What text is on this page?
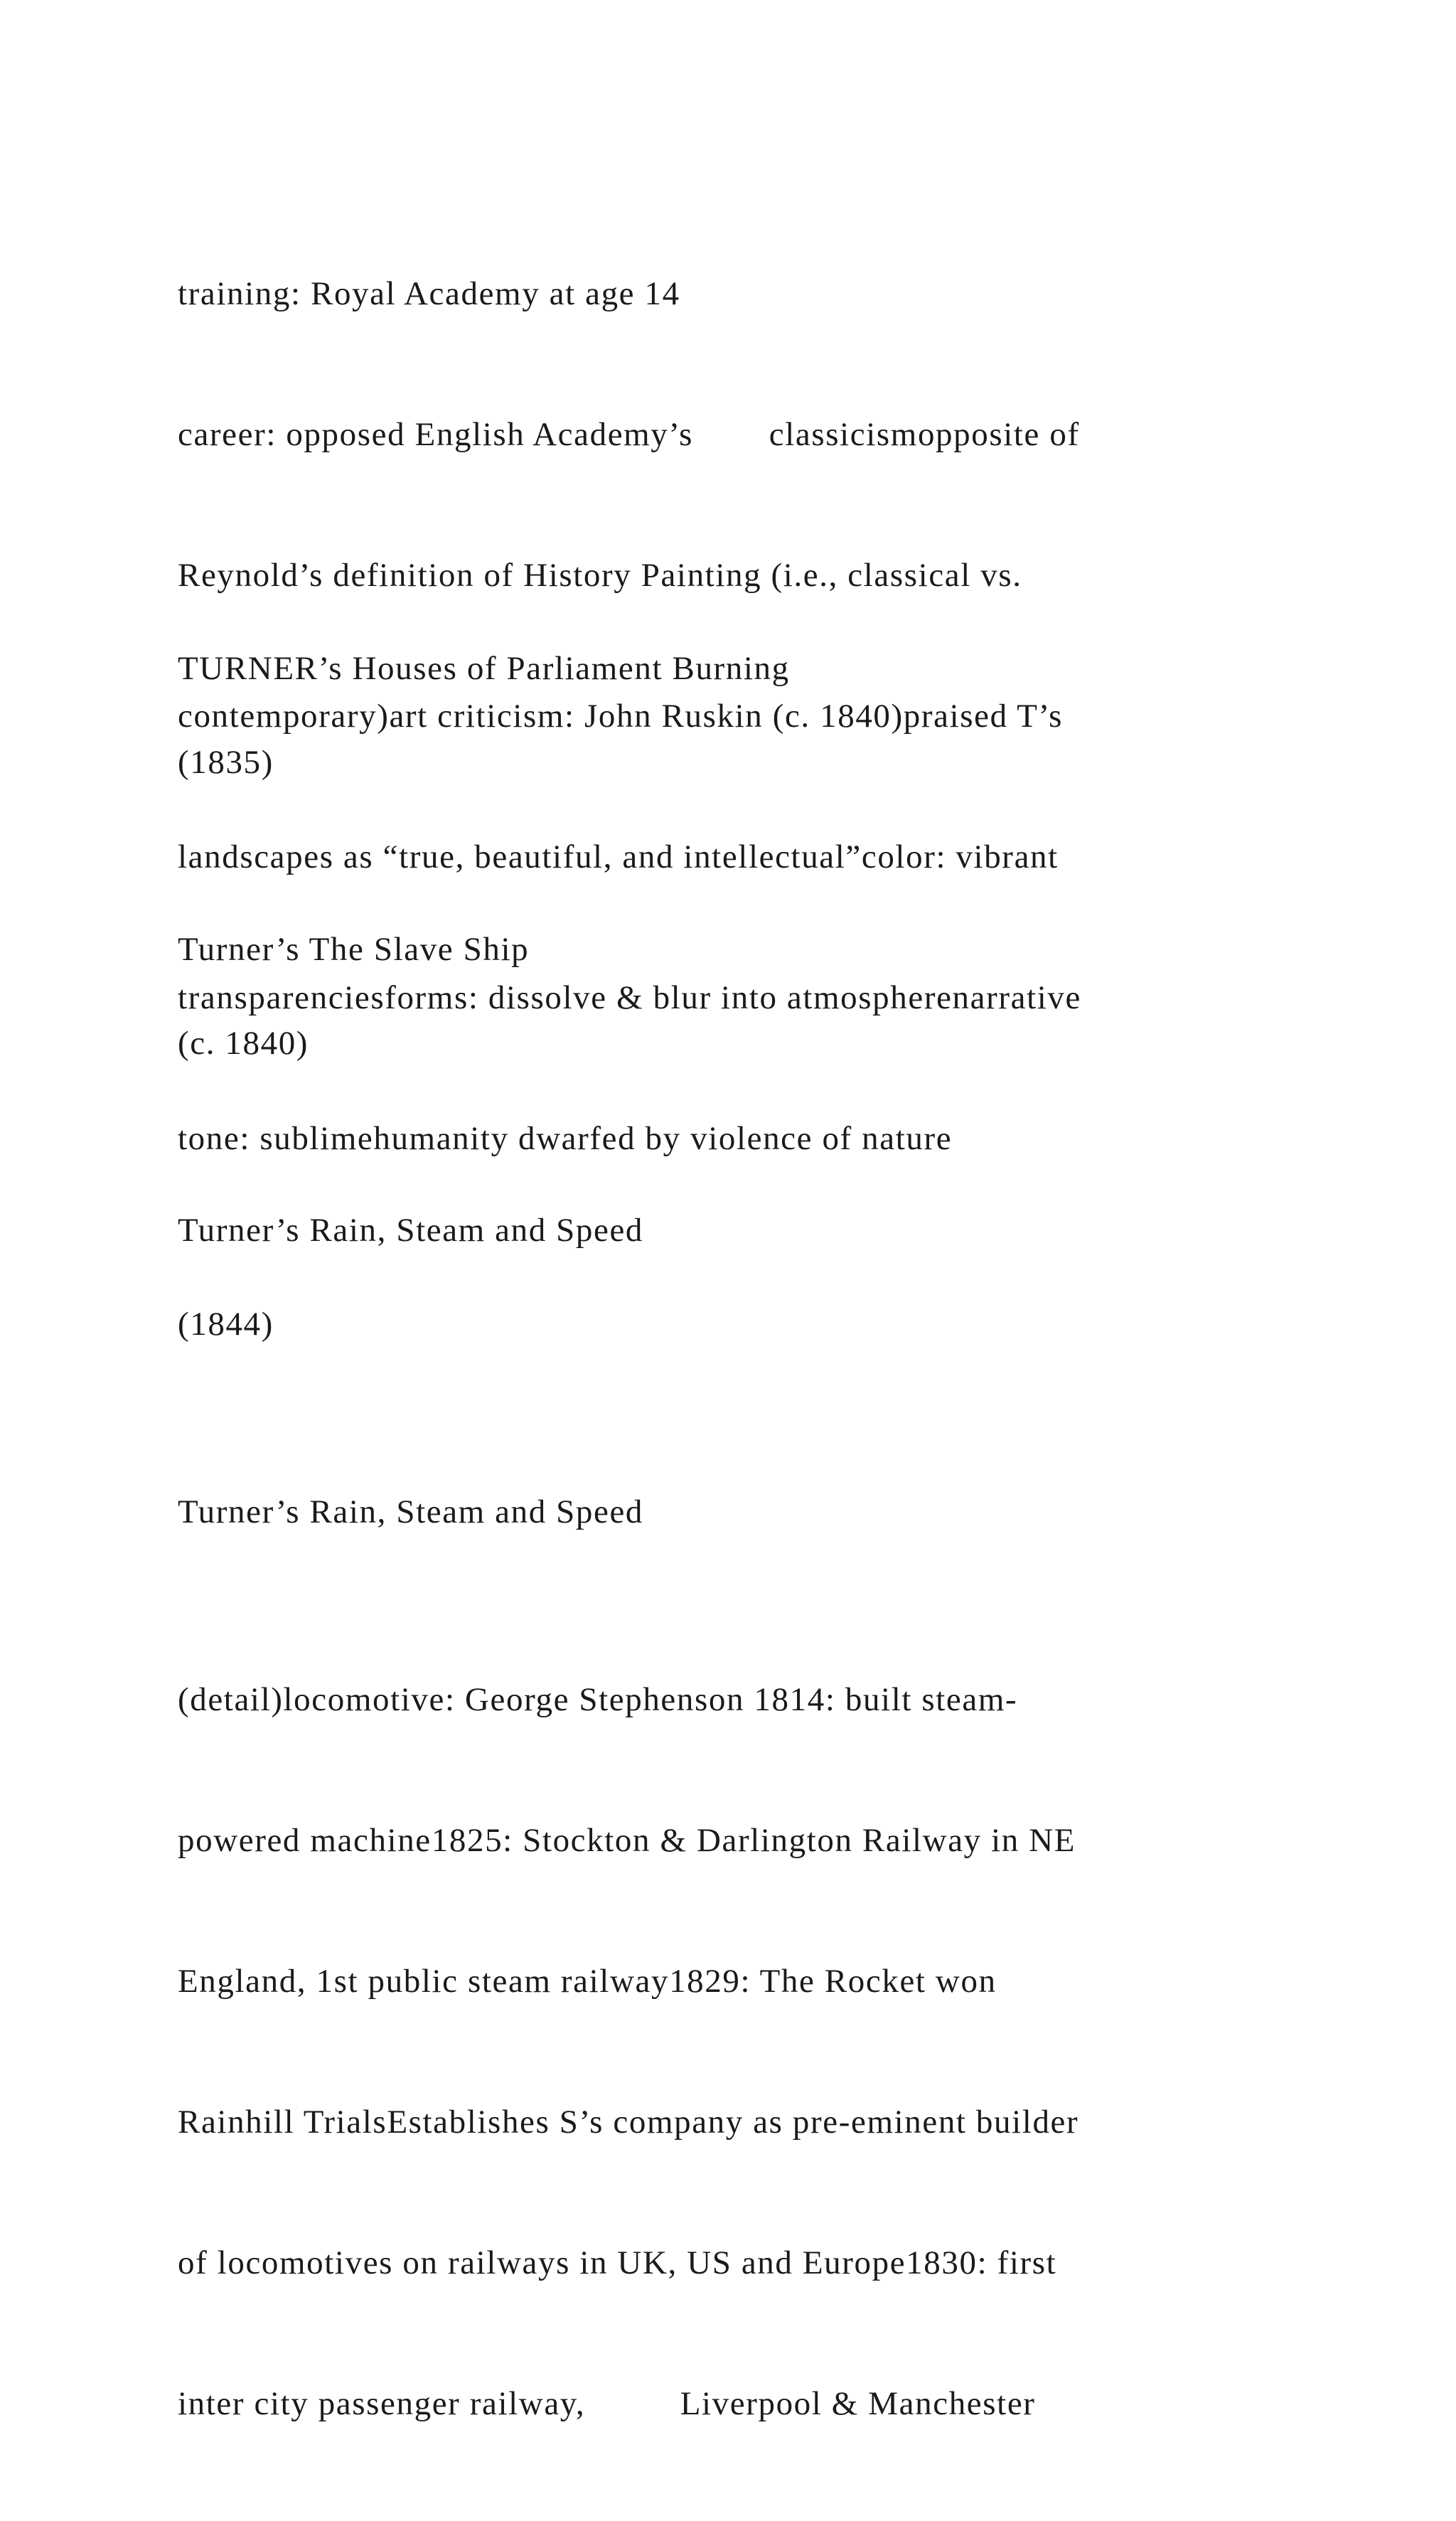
training: Royal Academy at age 14

career: opposed English Academy’s        classicismopposite of

Reynold’s definition of History Painting (i.e., classical vs.

contemporary)art criticism: John Ruskin (c. 1840)praised T’s

landscapes as “true, beautiful, and intellectual”color: vibrant

transparenciesforms: dissolve & blur into atmospherenarrative

tone: sublimehumanity dwarfed by violence of nature

TURNER’s Houses of Parliament Burning
(1835)
Turner’s The Slave Ship
(c. 1840)
Turner’s Rain, Steam and Speed
(1844)
Turner’s Rain, Steam and Speed

(detail)locomotive: George Stephenson 1814: built steam-

powered machine1825: Stockton & Darlington Railway in NE

England, 1st public steam railway1829: The Rocket won

Rainhill TrialsEstablishes S’s company as pre-eminent builder

of locomotives on railways in UK, US and Europe1830: first

inter city passenger railway,          Liverpool & Manchester
